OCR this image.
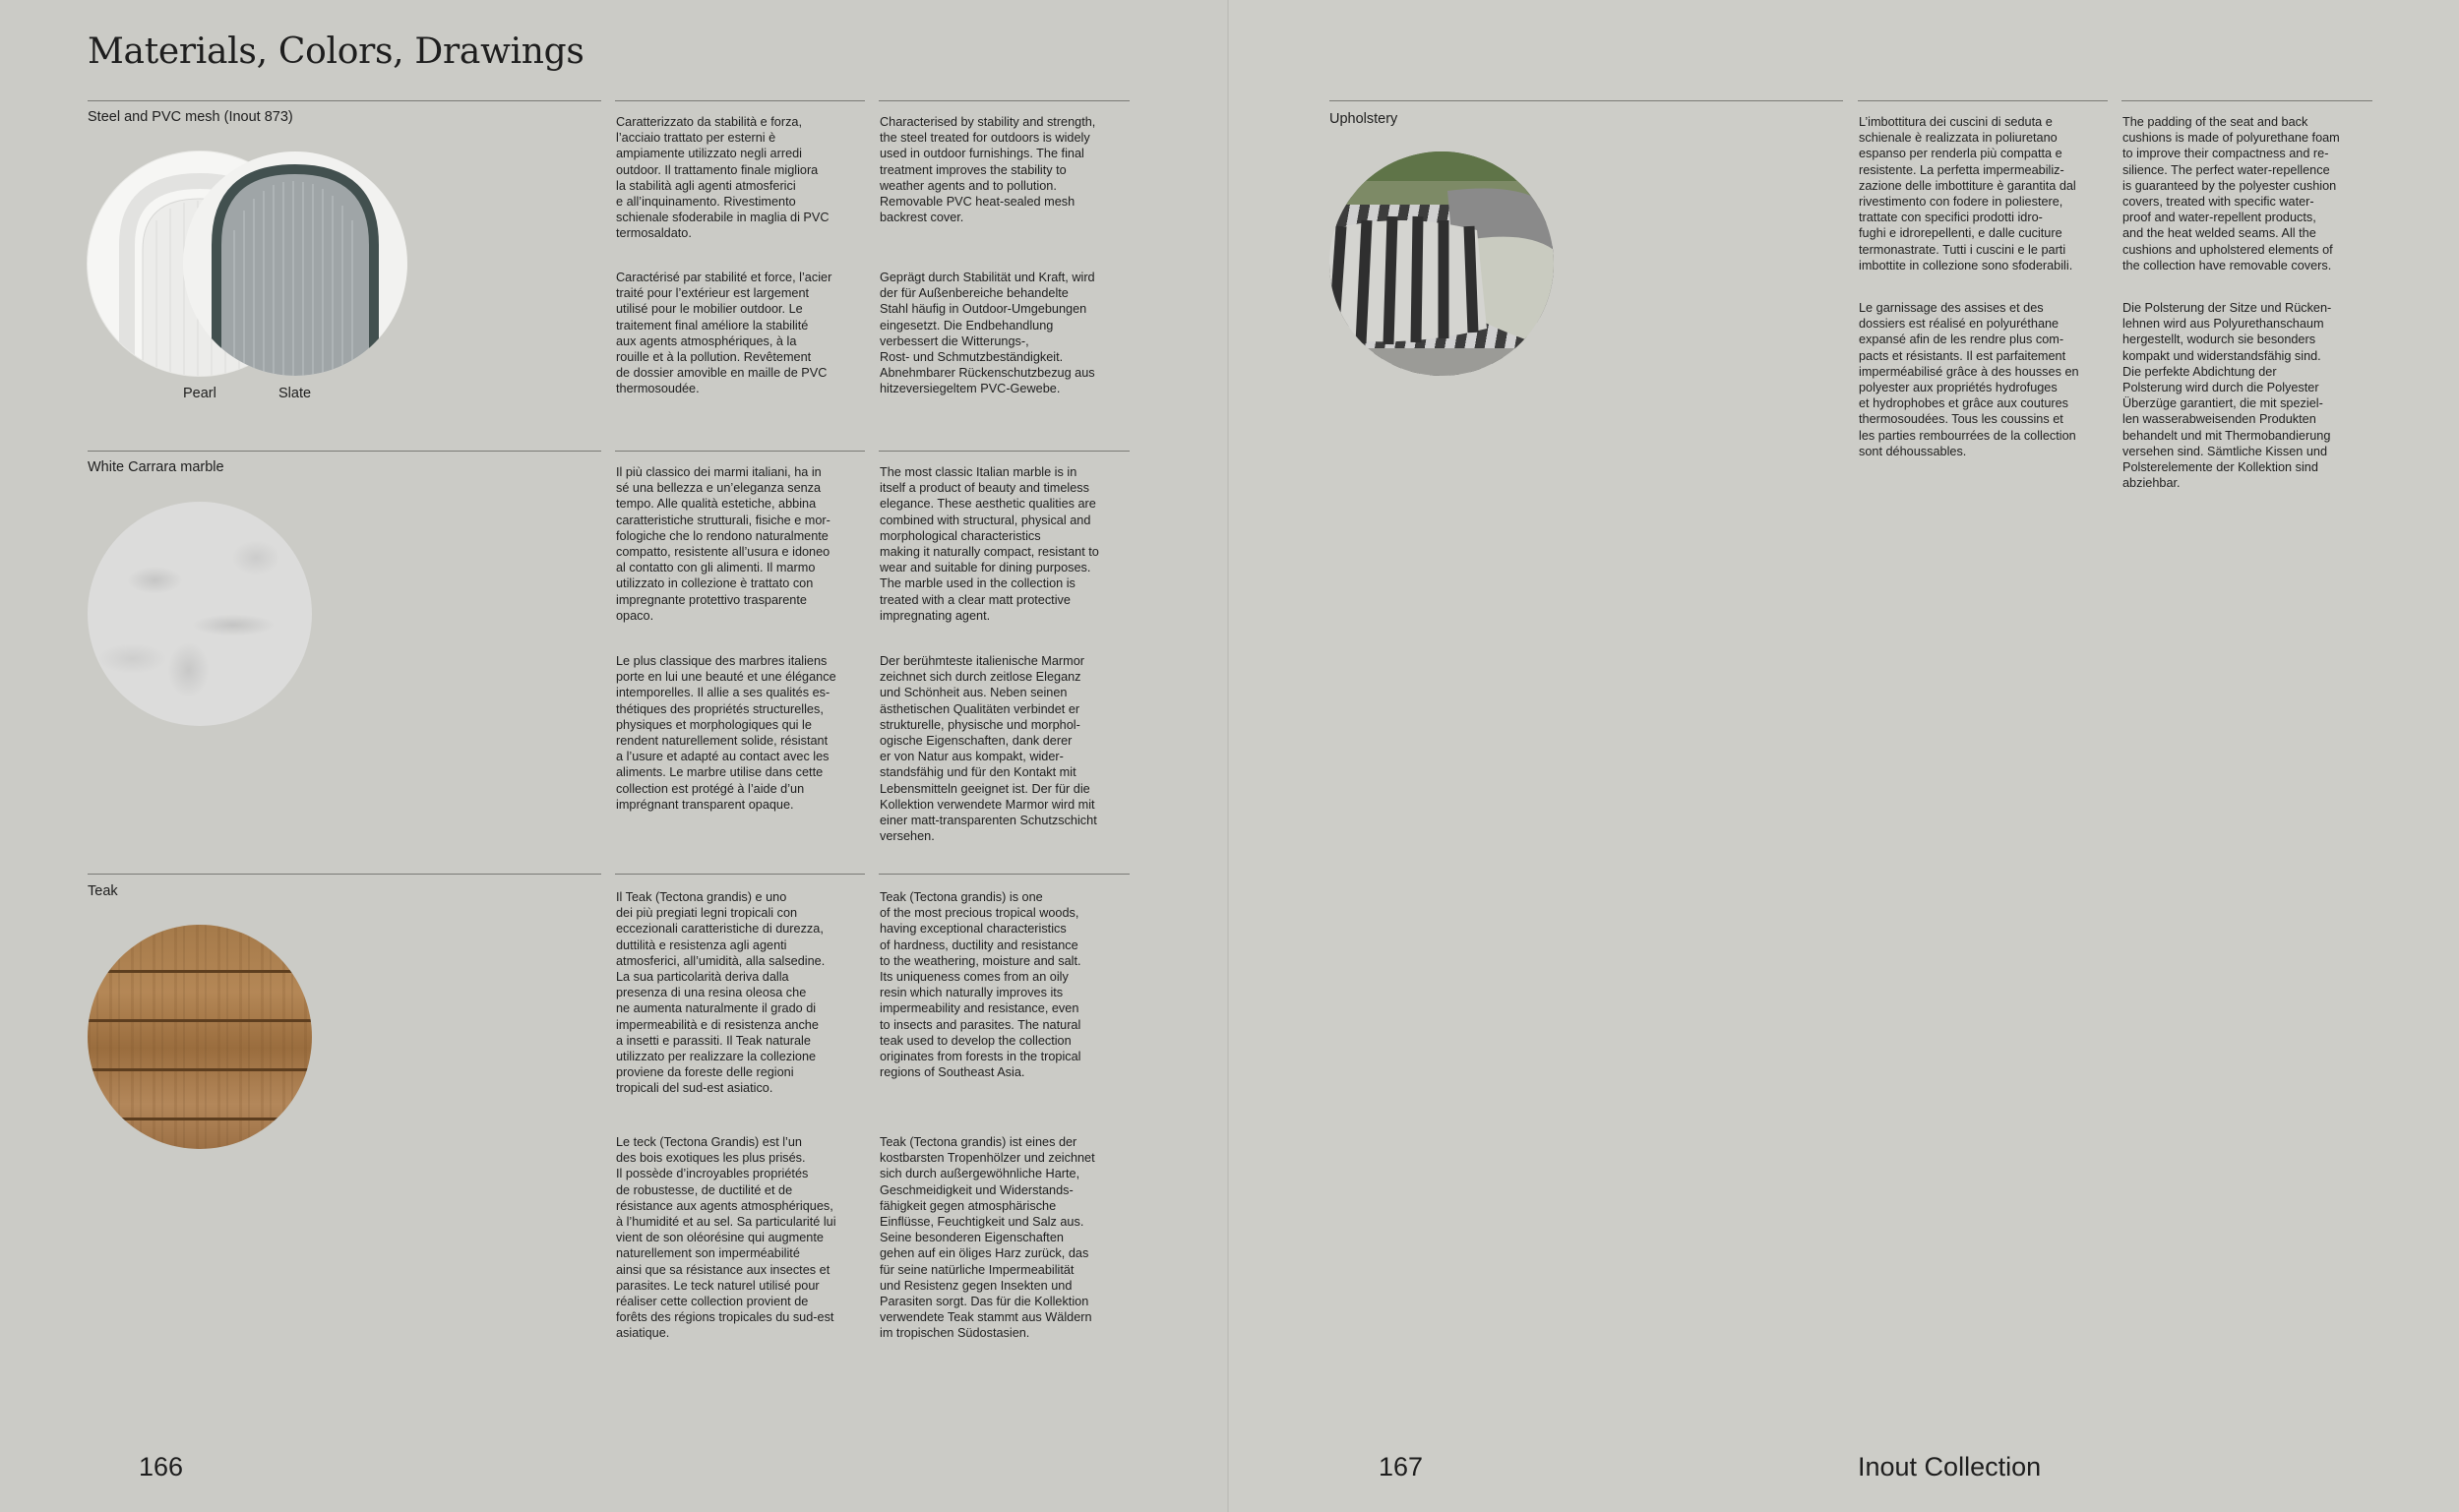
Materials, Colors, Drawings
Steel and PVC mesh (Inout 873)
Pearl	Slate
Caratterizzato da stabilità e forza,
l’acciaio trattato per esterni è
ampiamente utilizzato negli arredi
outdoor. Il trattamento finale migliora
la stabilità agli agenti atmosferici
e all’inquinamento. Rivestimento
schienale sfoderabile in maglia di PVC
termosaldato.
Characterised by stability and strength,
the steel treated for outdoors is widely
used in outdoor furnishings. The final
treatment improves the stability to
weather agents and to pollution.
Removable PVC heat-sealed mesh
backrest cover.
Caractérisé par stabilité et force, l’acier
traité pour l’extérieur est largement
utilisé pour le mobilier outdoor. Le
traitement final améliore la stabilité
aux agents atmosphériques, à la
rouille et à la pollution. Revêtement
de dossier amovible en maille de PVC
thermosoudée.
Geprägt durch Stabilität und Kraft, wird
der für Außenbereiche behandelte
Stahl häufig in Outdoor-Umgebungen
eingesetzt. Die Endbehandlung
verbessert die Witterungs-,
Rost- und Schmutzbeständigkeit.
Abnehmbarer Rückenschutzbezug aus
hitzeversiegeltem PVC-Gewebe.
White Carrara marble	Il più classico dei marmi italiani, ha in
sé una bellezza e un’eleganza senza
tempo. Alle qualità estetiche, abbina
caratteristiche strutturali, fisiche e mor-
fologiche che lo rendono naturalmente
compatto, resistente all’usura e idoneo
al contatto con gli alimenti. Il marmo
utilizzato in collezione è trattato con
impregnante protettivo trasparente
opaco.
The most classic Italian marble is in
itself a product of beauty and timeless
elegance. These aesthetic qualities are
combined with structural, physical and
morphological characteristics
making it naturally compact, resistant to
wear and suitable for dining purposes.
The marble used in the collection is
treated with a clear matt protective
impregnating agent.
Le plus classique des marbres italiens
porte en lui une beauté et une élégance
intemporelles. Il allie a ses qualités es-
thétiques des propriétés structurelles,
physiques et morphologiques qui le
rendent naturellement solide, résistant
a l’usure et adapté au contact avec les
aliments. Le marbre utilise dans cette
collection est protégé à l’aide d’un
imprégnant transparent opaque.
Der berühmteste italienische Marmor
zeichnet sich durch zeitlose Eleganz
und Schönheit aus. Neben seinen
ästhetischen Qualitäten verbindet er
strukturelle, physische und morphol-
ogische Eigenschaften, dank derer
er von Natur aus kompakt, wider-
standsfähig und für den Kontakt mit
Lebensmitteln geeignet ist. Der für die
Kollektion verwendete Marmor wird mit
einer matt-transparenten Schutzschicht
versehen.
Teak	Il Teak (Tectona grandis) e uno
dei più pregiati legni tropicali con
eccezionali caratteristiche di durezza,
duttilità e resistenza agli agenti
atmosferici, all’umidità, alla salsedine.
La sua particolarità deriva dalla
presenza di una resina oleosa che
ne aumenta naturalmente il grado di
impermeabilità e di resistenza anche
a insetti e parassiti. Il Teak naturale
utilizzato per realizzare la collezione
proviene da foreste delle regioni
tropicali del sud-est asiatico.
Teak (Tectona grandis) is one
of the most precious tropical woods,
having exceptional characteristics
of hardness, ductility and resistance
to the weathering, moisture and salt.
Its uniqueness comes from an oily
resin which naturally improves its
impermeability and resistance, even
to insects and parasites. The natural
teak used to develop the collection
originates from forests in the tropical
regions of Southeast Asia.
Le teck (Tectona Grandis) est l’un
des bois exotiques les plus prisés.
Il possède d’incroyables propriétés
de robustesse, de ductilité et de
résistance aux agents atmosphériques,
à l’humidité et au sel. Sa particularité lui
vient de son oléorésine qui augmente
naturellement son imperméabilité
ainsi que sa résistance aux insectes et
parasites. Le teck naturel utilisé pour
réaliser cette collection provient de
forêts des régions tropicales du sud-est
asiatique.
Teak (Tectona grandis) ist eines der
kostbarsten Tropenhölzer und zeichnet
sich durch außergewöhnliche Harte,
Geschmeidigkeit und Widerstands-
fähigkeit gegen atmosphärische
Einflüsse, Feuchtigkeit und Salz aus.
Seine besonderen Eigenschaften
gehen auf ein öliges Harz zurück, das
für seine natürliche Impermeabilität
und Resistenz gegen Insekten und
Parasiten sorgt. Das für die Kollektion
verwendete Teak stammt aus Wäldern
im tropischen Südostasien.
166
Upholstery	L’imbottitura dei cuscini di seduta e
schienale è realizzata in poliuretano
espanso per renderla più compatta e
resistente. La perfetta impermeabiliz-
zazione delle imbottiture è garantita dal
rivestimento con fodere in poliestere,
trattate con specifici prodotti idro-
fughi e idrorepellenti, e dalle cuciture
termonastrate. Tutti i cuscini e le parti
imbottite in collezione sono sfoderabili.
The padding of the seat and back
cushions is made of polyurethane foam
to improve their compactness and re-
silience. The perfect water-repellence
is guaranteed by the polyester cushion
covers, treated with specific water-
proof and water-repellent products,
and the heat welded seams. All the
cushions and upholstered elements of
the collection have removable covers.
Le garnissage des assises et des
dossiers est réalisé en polyuréthane
expansé afin de les rendre plus com-
pacts et résistants. Il est parfaitement
imperméabilisé grâce à des housses en
polyester aux propriétés hydrofuges
et hydrophobes et grâce aux coutures
thermosoudées. Tous les coussins et
les parties rembourrées de la collection
sont déhoussables.
Die Polsterung der Sitze und Rücken-
lehnen wird aus Polyurethanschaum
hergestellt, wodurch sie besonders
kompakt und widerstandsfähig sind.
Die perfekte Abdichtung der
Polsterung wird durch die Polyester
Überzüge garantiert, die mit speziel-
len wasserabweisenden Produkten
behandelt und mit Thermobandierung
versehen sind. Sämtliche Kissen und
Polsterelemente der Kollektion sind
abziehbar.
167	Inout Collection
